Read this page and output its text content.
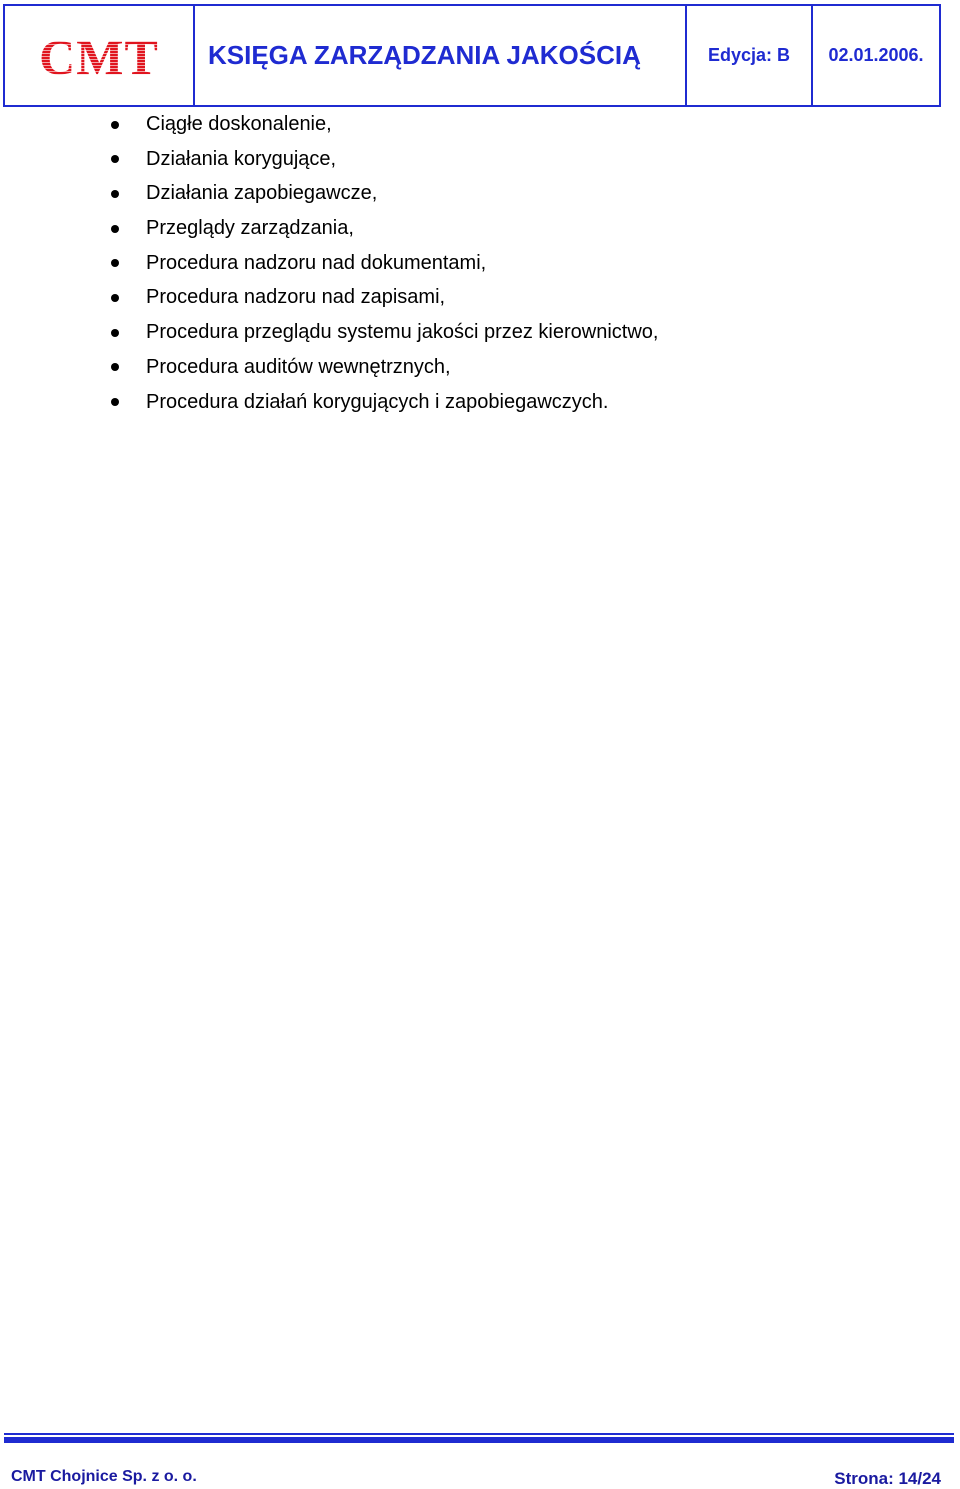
CMT KSIĘGA ZARZĄDZANIA JAKOŚCIĄ	Edycja: B 02.01.2006.
Ciągłe doskonalenie,
Działania korygujące,
Działania zapobiegawcze,
Przeglądy zarządzania,
Procedura nadzoru nad dokumentami,
Procedura nadzoru nad zapisami,
Procedura przeglądu systemu jakości przez kierownictwo,
Procedura auditów wewnętrznych,
Procedura działań korygujących i zapobiegawczych.
CMT Chojnice Sp. z o. o.	Strona: 14/24
